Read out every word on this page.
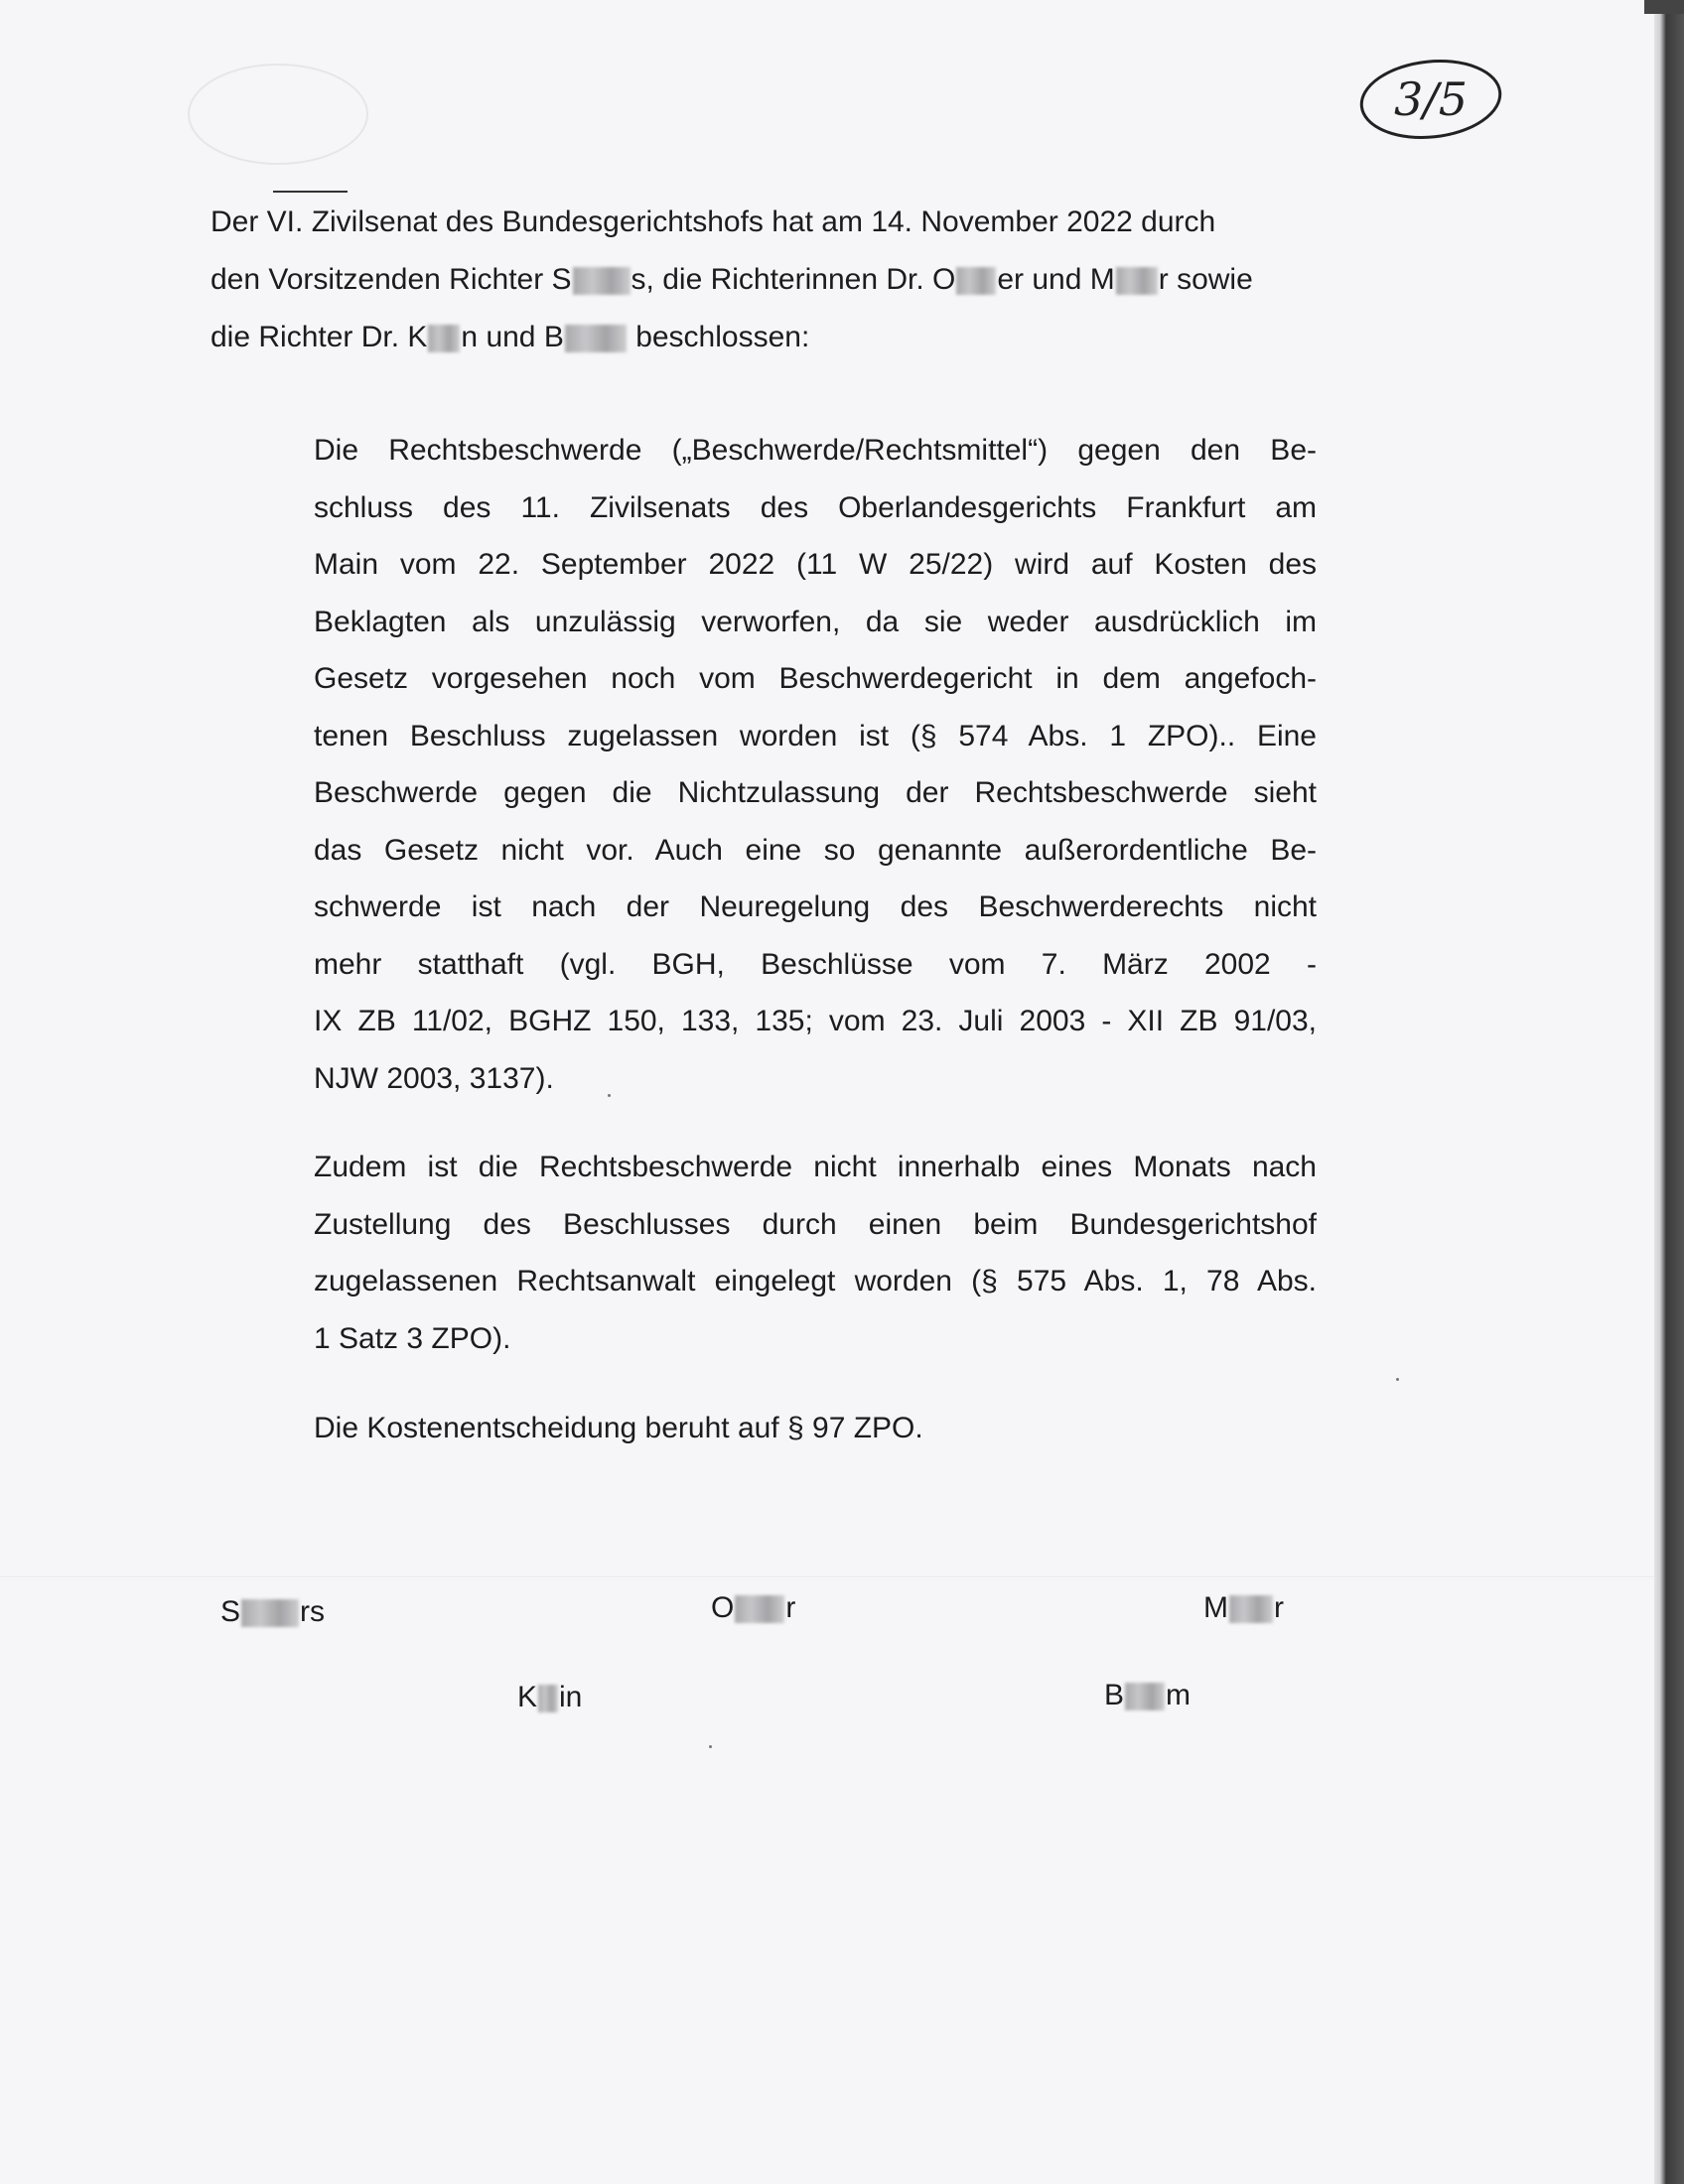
3/5
Der VI. Zivilsenat des Bundesgerichtshofs hat am 14. November 2022 durch
den Vorsitzenden Richter S s, die Richterinnen Dr. O er und M r sowie
die Richter Dr. K n und B beschlossen:
Die Rechtsbeschwerde („Beschwerde/Rechtsmittel“) gegen den Be-
schluss des 11. Zivilsenats des Oberlandesgerichts Frankfurt am
Main vom 22. September 2022 (11 W 25/22) wird auf Kosten des
Beklagten als unzulässig verworfen, da sie weder ausdrücklich im
Gesetz vorgesehen noch vom Beschwerdegericht in dem angefoch-
tenen Beschluss zugelassen worden ist (§ 574 Abs. 1 ZPO).. Eine
Beschwerde gegen die Nichtzulassung der Rechtsbeschwerde sieht
das Gesetz nicht vor. Auch eine so genannte außerordentliche Be-
schwerde ist nach der Neuregelung des Beschwerderechts nicht
mehr statthaft (vgl. BGH, Beschlüsse vom 7. März 2002 -
IX ZB 11/02, BGHZ 150, 133, 135; vom 23. Juli 2003 - XII ZB 91/03,
NJW 2003, 3137).
Zudem ist die Rechtsbeschwerde nicht innerhalb eines Monats nach
Zustellung des Beschlusses durch einen beim Bundesgerichtshof
zugelassenen Rechtsanwalt eingelegt worden (§ 575 Abs. 1, 78 Abs.
1 Satz 3 ZPO).
Die Kostenentscheidung beruht auf § 97 ZPO.
S rs	O r	M r
K in	B m
